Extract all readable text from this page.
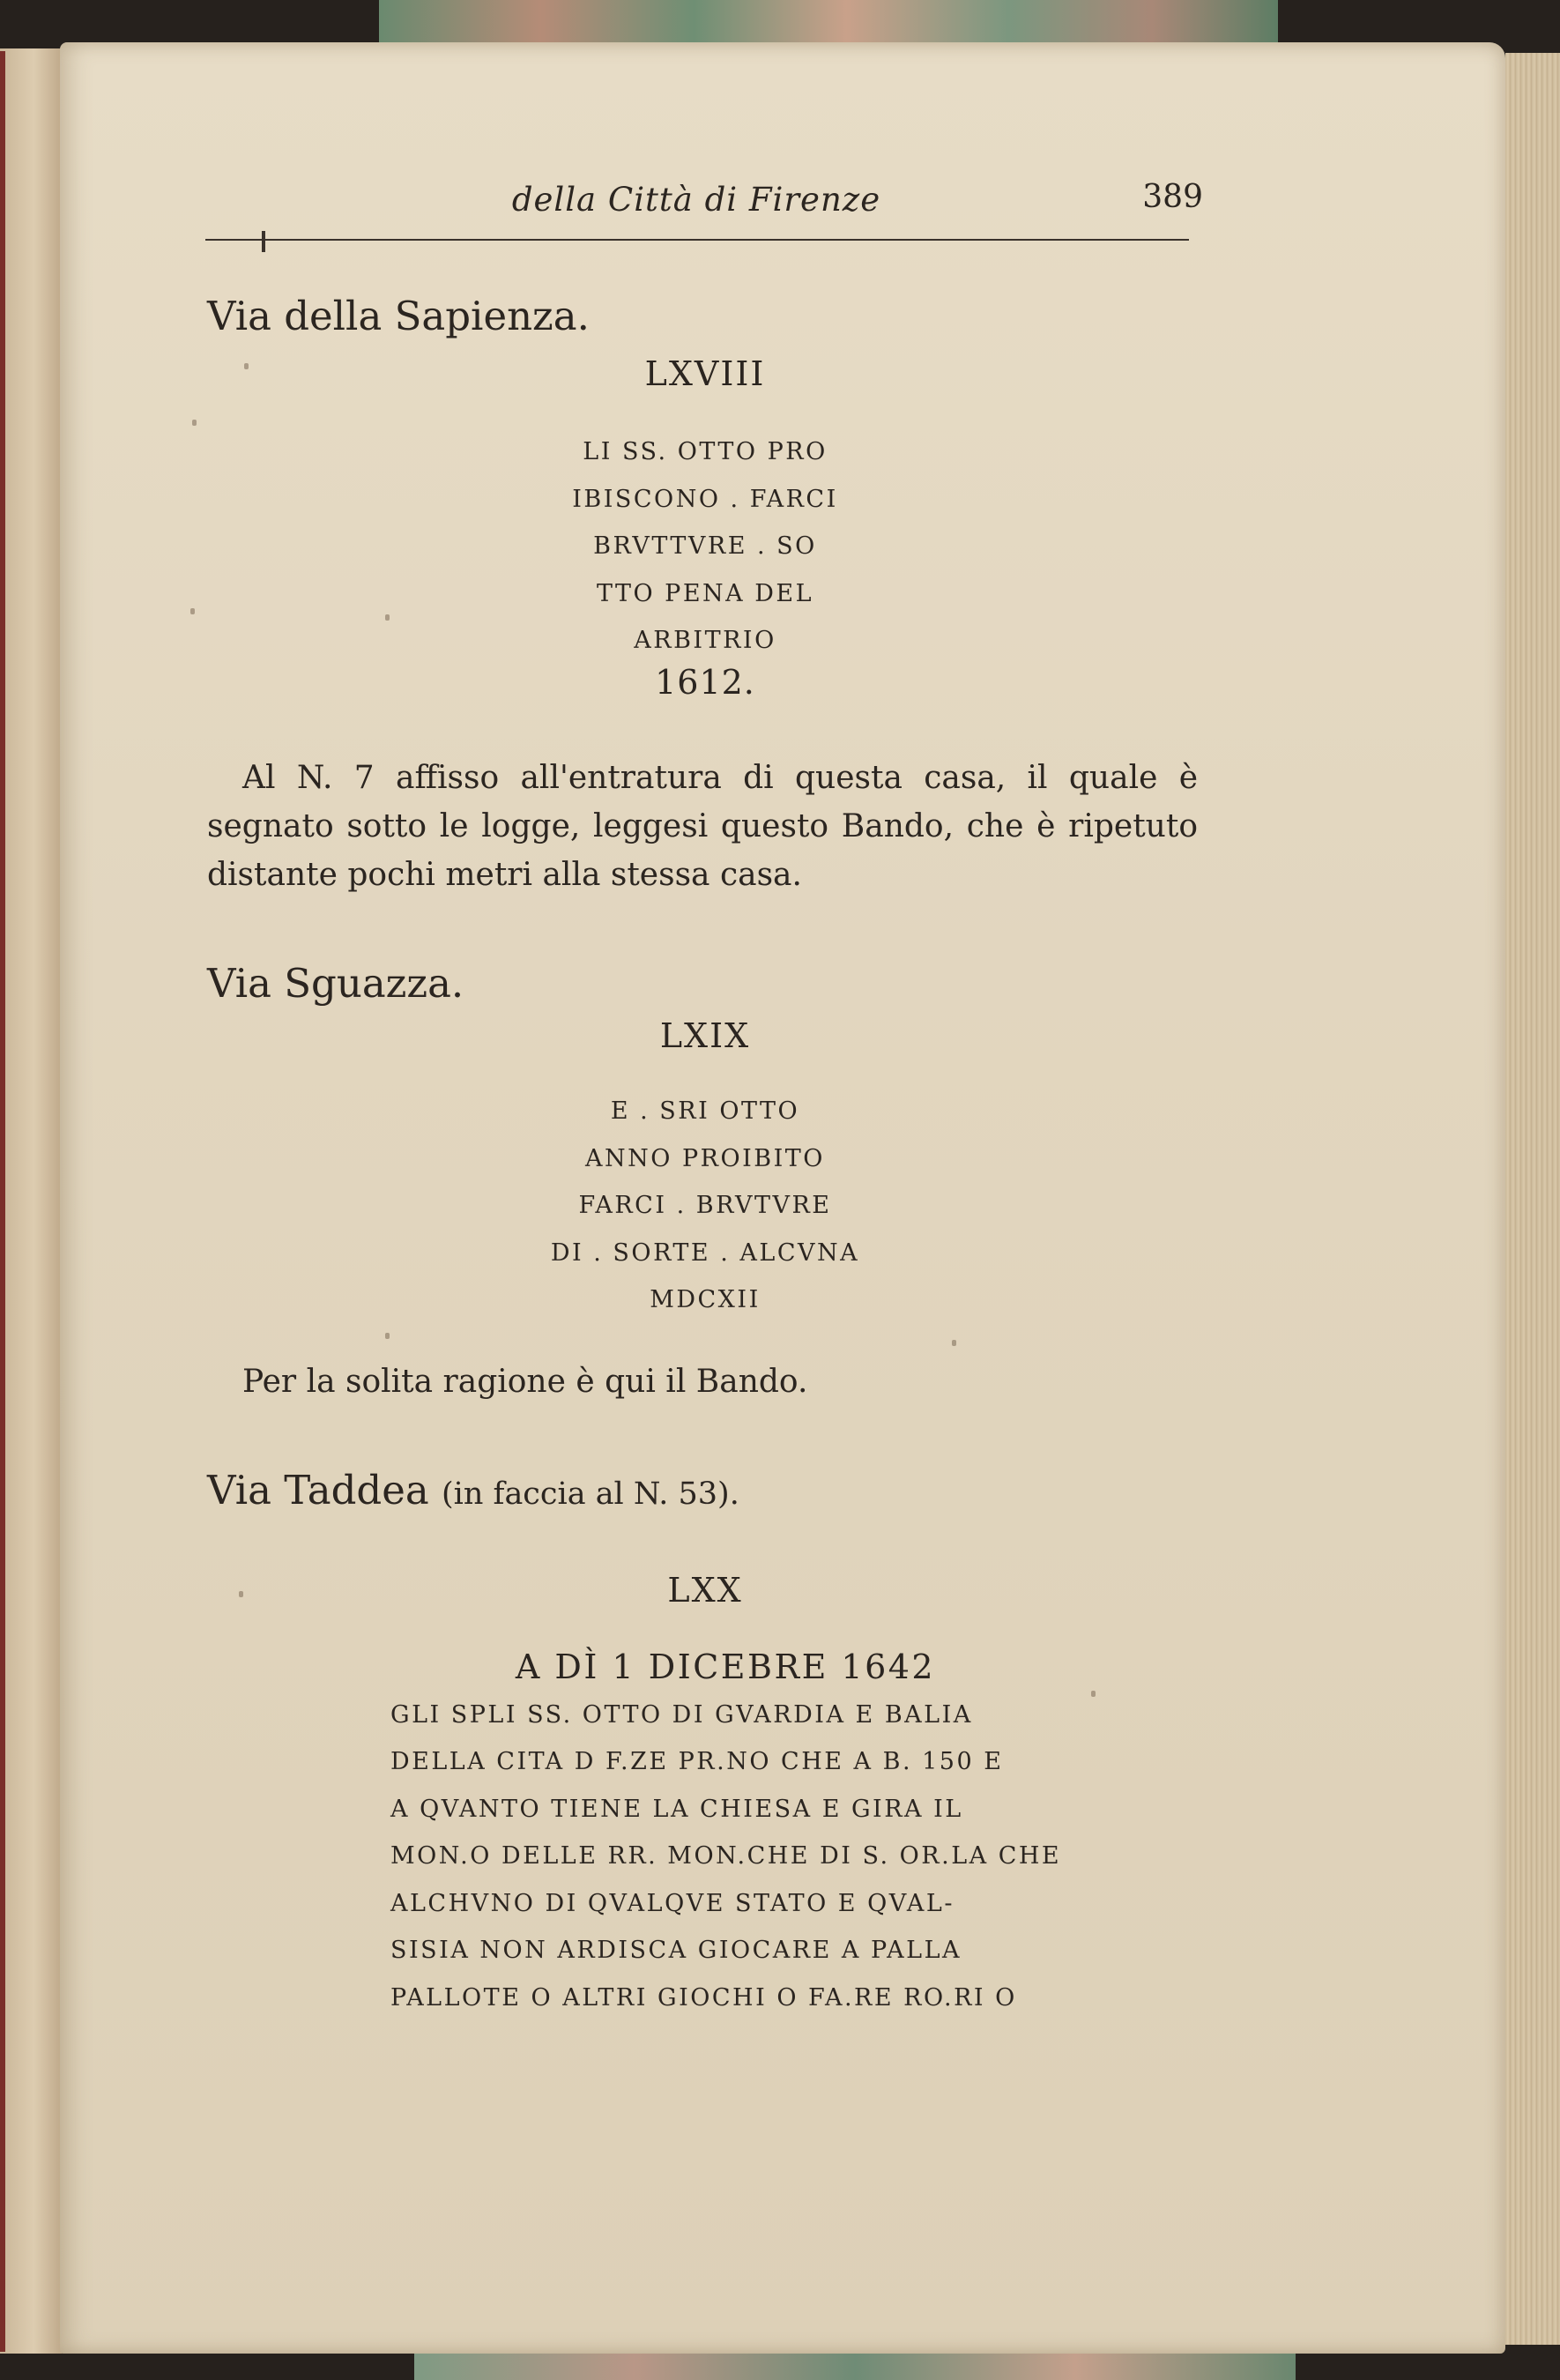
della Città di Firenze	389
Via della Sapienza.
LXVIII
LI SS. OTTO PRO
IBISCONO . FARCI
BRVTTVRE . SO
TTO PENA DEL
ARBITRIO
1612.
Al N. 7 affisso all'entratura di questa casa, il quale è segnato sotto le logge, leggesi questo Bando, che è ripetuto distante pochi metri alla stessa casa.
Via Sguazza.
LXIX
E . SRI OTTO
ANNO PROIBITO
FARCI . BRVTVRE
DI . SORTE . ALCVNA
MDCXII
Per la solita ragione è qui il Bando.
Via Taddea (in faccia al N. 53).
LXX
A DÌ 1 DICEBRE 1642
GLI SPLI SS. OTTO DI GVARDIA E BALIA
DELLA CITA D F.ZE PR.NO CHE A B. 150 E
A QVANTO TIENE LA CHIESA E GIRA IL
MON.O DELLE RR. MON.CHE DI S. OR.LA CHE
ALCHVNO DI QVALQVE STATO E QVAL-
SISIA NON ARDISCA GIOCARE A PALLA
PALLOTE O ALTRI GIOCHI O FA.RE RO.RI O
